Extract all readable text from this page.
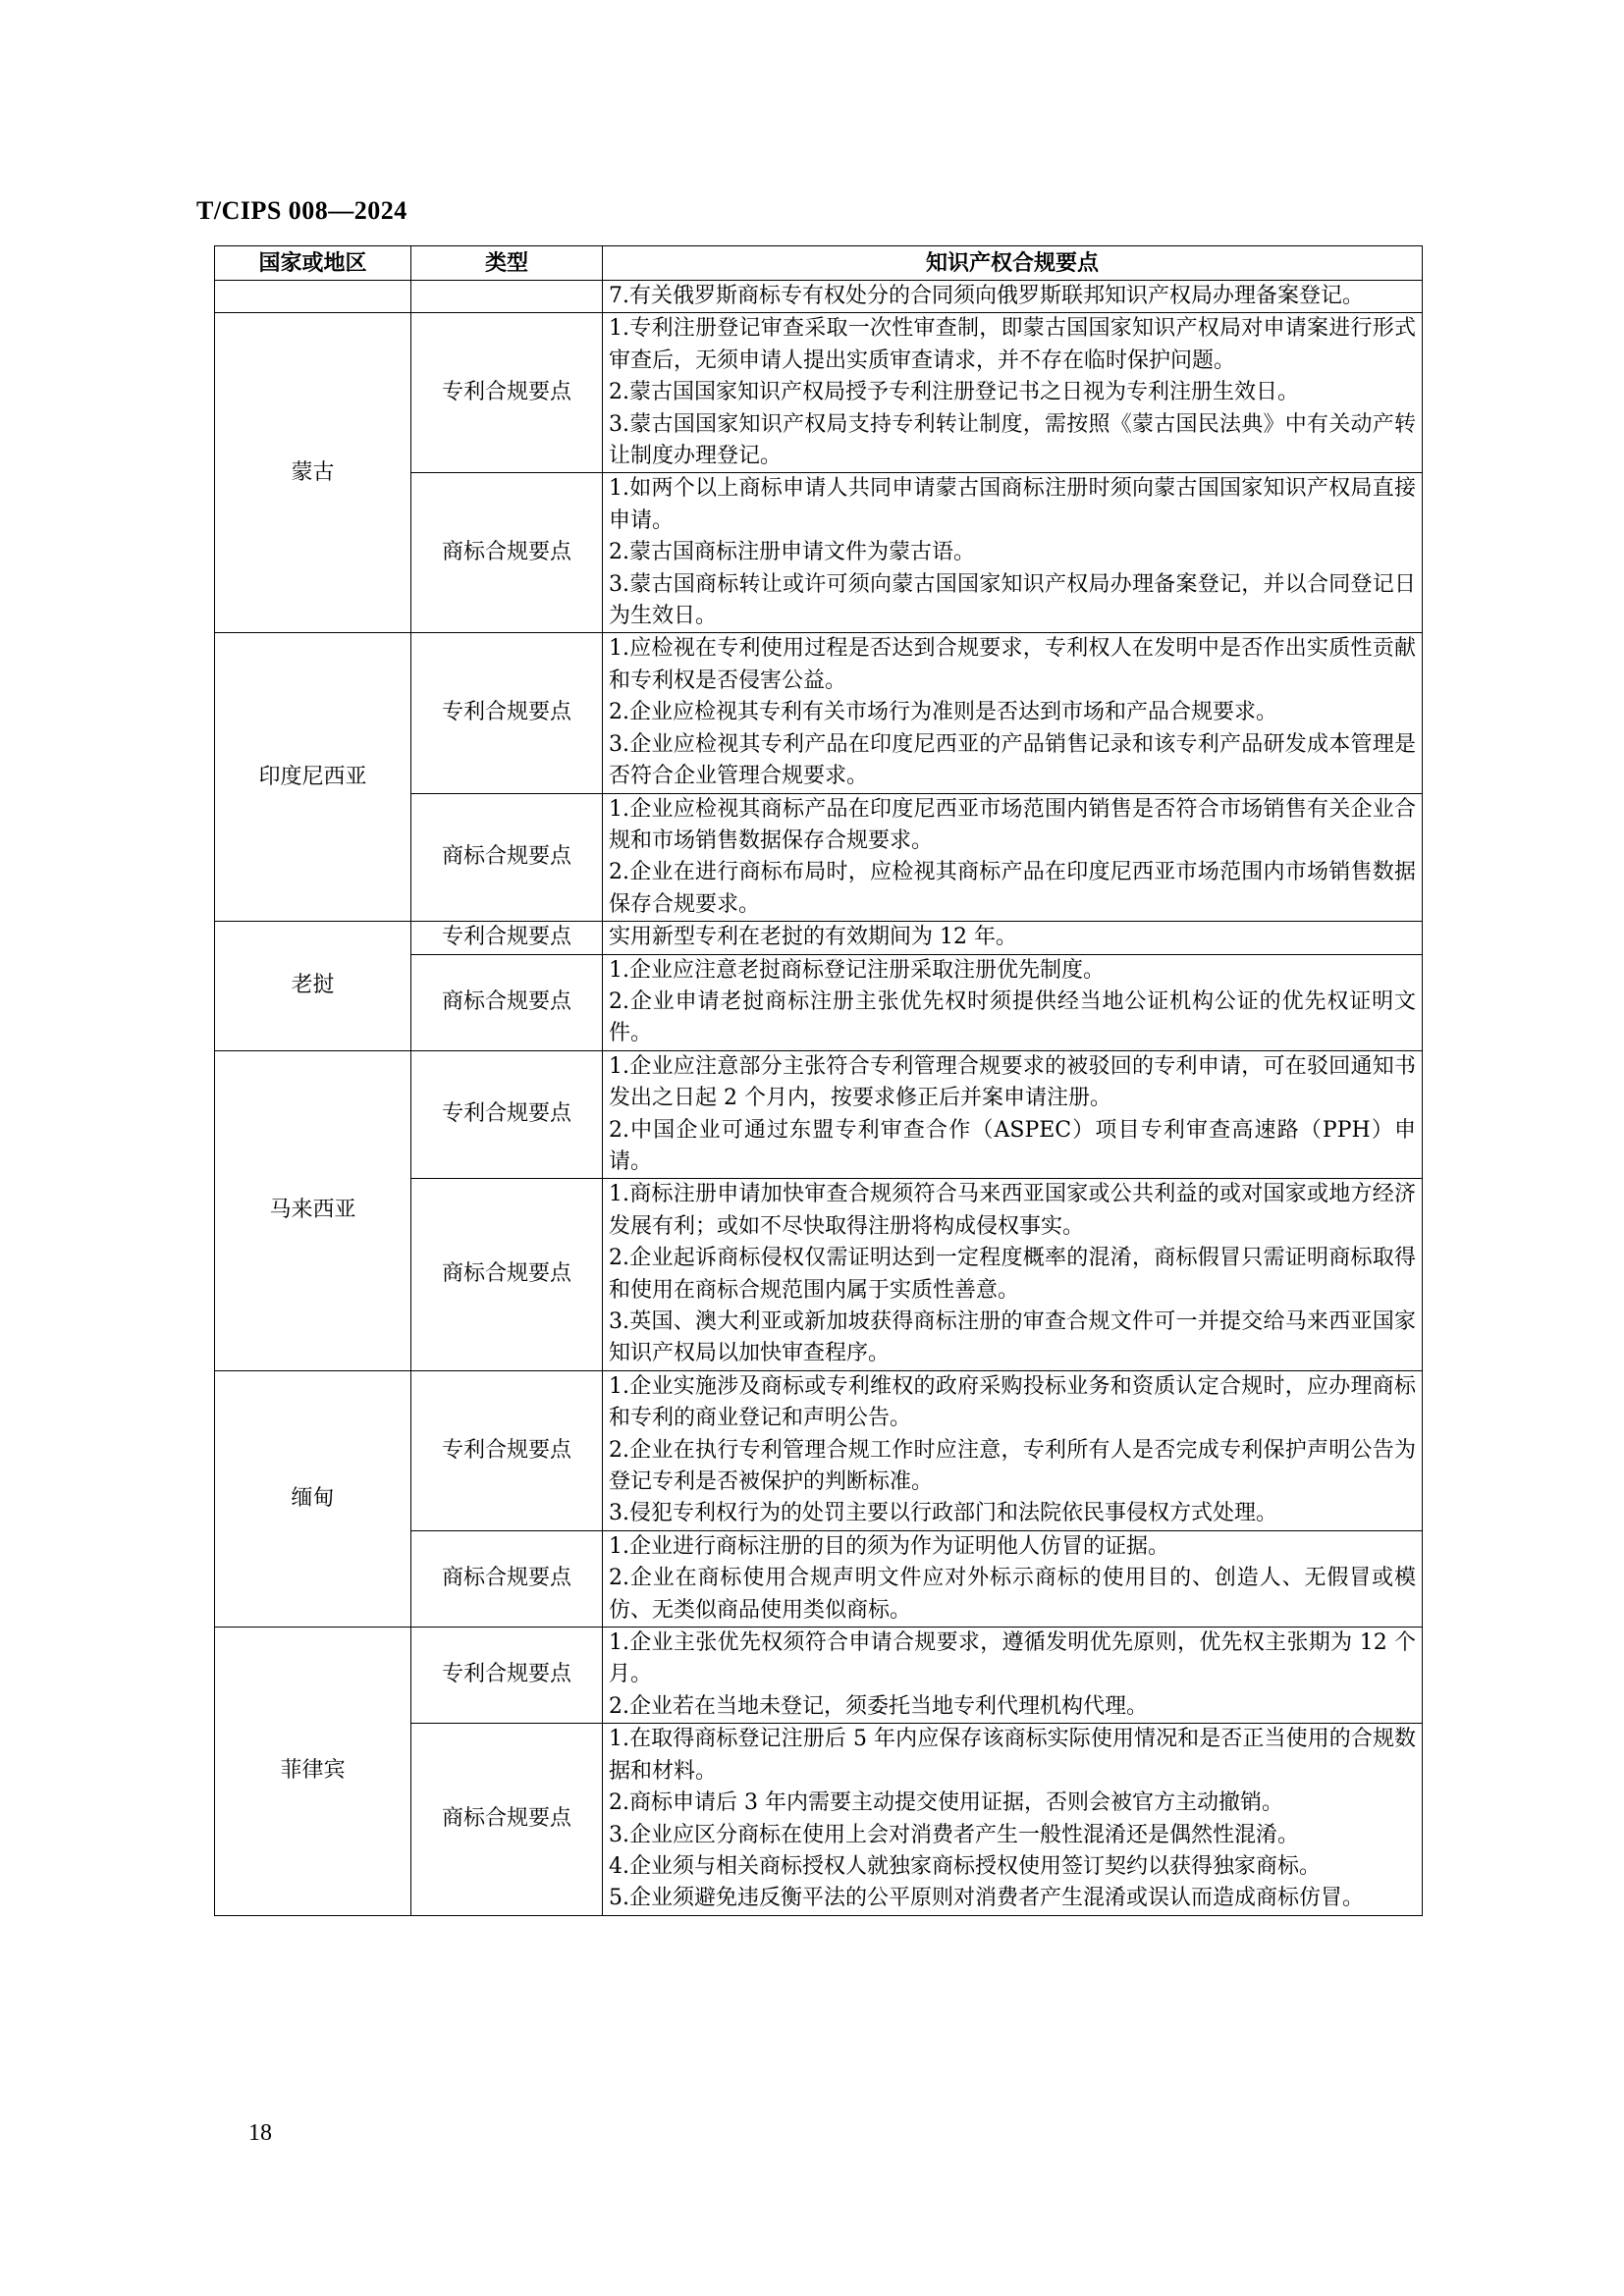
T/CIPS 008—2024
国家或地区	类型	知识产权合规要点

		7.有关俄罗斯商标专有权处分的合同须向俄罗斯联邦知识产权局办理备案登记。

蒙古	专利合规要点	1.专利注册登记审查采取一次性审查制，即蒙古国国家知识产权局对申请案进行形式审查后，无须申请人提出实质审查请求，并不存在临时保护问题。
2.蒙古国国家知识产权局授予专利注册登记书之日视为专利注册生效日。
3.蒙古国国家知识产权局支持专利转让制度，需按照《蒙古国民法典》中有关动产转让制度办理登记。

	商标合规要点	1.如两个以上商标申请人共同申请蒙古国商标注册时须向蒙古国国家知识产权局直接申请。
2.蒙古国商标注册申请文件为蒙古语。
3.蒙古国商标转让或许可须向蒙古国国家知识产权局办理备案登记，并以合同登记日为生效日。

印度尼西亚	专利合规要点	1.应检视在专利使用过程是否达到合规要求，专利权人在发明中是否作出实质性贡献和专利权是否侵害公益。
2.企业应检视其专利有关市场行为准则是否达到市场和产品合规要求。
3.企业应检视其专利产品在印度尼西亚的产品销售记录和该专利产品研发成本管理是否符合企业管理合规要求。

	商标合规要点	1.企业应检视其商标产品在印度尼西亚市场范围内销售是否符合市场销售有关企业合规和市场销售数据保存合规要求。
2.企业在进行商标布局时，应检视其商标产品在印度尼西亚市场范围内市场销售数据保存合规要求。

老挝	专利合规要点	实用新型专利在老挝的有效期间为 12 年。

	商标合规要点	1.企业应注意老挝商标登记注册采取注册优先制度。
2.企业申请老挝商标注册主张优先权时须提供经当地公证机构公证的优先权证明文件。

马来西亚	专利合规要点	1.企业应注意部分主张符合专利管理合规要求的被驳回的专利申请，可在驳回通知书发出之日起 2 个月内，按要求修正后并案申请注册。
2.中国企业可通过东盟专利审查合作（ASPEC）项目专利审查高速路（PPH）申请。

	商标合规要点	1.商标注册申请加快审查合规须符合马来西亚国家或公共利益的或对国家或地方经济发展有利；或如不尽快取得注册将构成侵权事实。
2.企业起诉商标侵权仅需证明达到一定程度概率的混淆，商标假冒只需证明商标取得和使用在商标合规范围内属于实质性善意。
3.英国、澳大利亚或新加坡获得商标注册的审查合规文件可一并提交给马来西亚国家知识产权局以加快审查程序。

缅甸	专利合规要点	1.企业实施涉及商标或专利维权的政府采购投标业务和资质认定合规时，应办理商标和专利的商业登记和声明公告。
2.企业在执行专利管理合规工作时应注意，专利所有人是否完成专利保护声明公告为登记专利是否被保护的判断标准。
3.侵犯专利权行为的处罚主要以行政部门和法院依民事侵权方式处理。

	商标合规要点	1.企业进行商标注册的目的须为作为证明他人仿冒的证据。
2.企业在商标使用合规声明文件应对外标示商标的使用目的、创造人、无假冒或模仿、无类似商品使用类似商标。

菲律宾	专利合规要点	1.企业主张优先权须符合申请合规要求，遵循发明优先原则，优先权主张期为 12 个月。
2.企业若在当地未登记，须委托当地专利代理机构代理。

	商标合规要点	1.在取得商标登记注册后 5 年内应保存该商标实际使用情况和是否正当使用的合规数据和材料。
2.商标申请后 3 年内需要主动提交使用证据，否则会被官方主动撤销。
3.企业应区分商标在使用上会对消费者产生一般性混淆还是偶然性混淆。
4.企业须与相关商标授权人就独家商标授权使用签订契约以获得独家商标。
5.企业须避免违反衡平法的公平原则对消费者产生混淆或误认而造成商标仿冒。
18
